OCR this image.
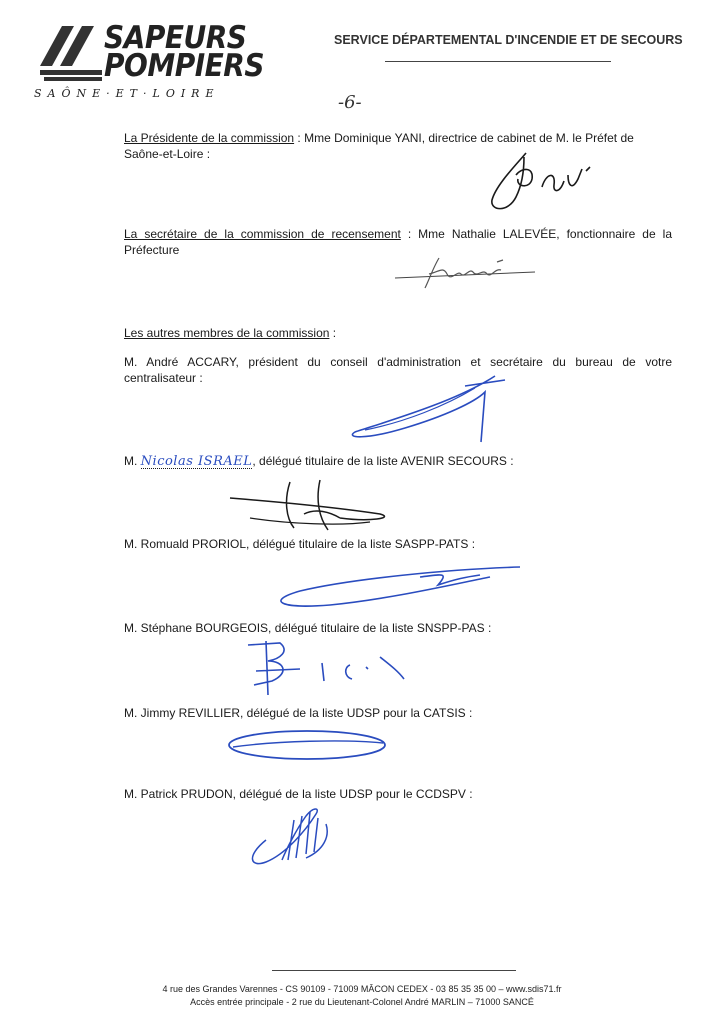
SAPEURS
POMPIERS
SAÔNE·ET·LOIRE
SERVICE DÉPARTEMENTAL D'INCENDIE ET DE SECOURS
-6-
La Présidente de la commission : Mme Dominique YANI, directrice de cabinet de M. le Préfet de
Saône-et-Loire :
La secrétaire de la commission de recensement : Mme Nathalie LALEVÉE, fonctionnaire de la Préfecture
Les autres membres de la commission :
M. André ACCARY, président du conseil d'administration et secrétaire du bureau de votre centralisateur :
M. Nicolas ISRAEL, délégué titulaire de la liste AVENIR SECOURS :
M. Romuald PRORIOL, délégué titulaire de la liste SASPP-PATS :
M. Stéphane BOURGEOIS, délégué titulaire de la liste SNSPP-PAS :
M. Jimmy REVILLIER, délégué de la liste UDSP pour la CATSIS :
M. Patrick PRUDON, délégué de la liste UDSP pour le CCDSPV :
4 rue des Grandes Varennes - CS 90109 - 71009 MÂCON CEDEX - 03 85 35 35 00 – www.sdis71.fr
Accès entrée principale - 2 rue du Lieutenant-Colonel André MARLIN – 71000 SANCÉ
